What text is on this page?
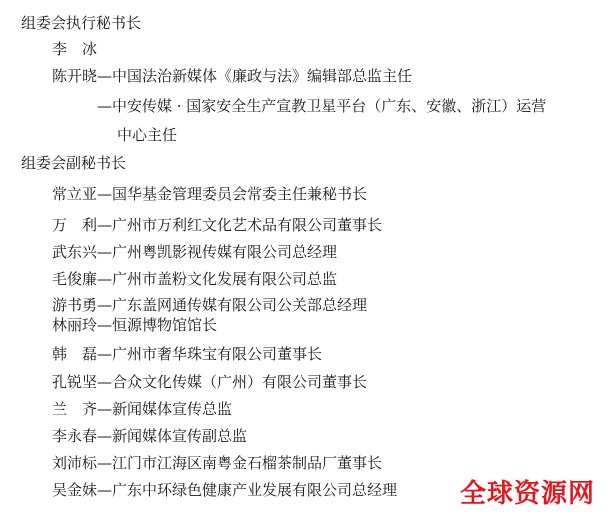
组委会执行秘书长
李　冰
陈开晓—中国法治新媒体《廉政与法》编辑部总监主任
—中安传媒 · 国家安全生产宣教卫星平台（广东、安徽、浙江）运营
中心主任
组委会副秘书长
常立亚—国华基金管理委员会常委主任兼秘书长
万　利—广州市万利红文化艺术品有限公司董事长
武东兴—广州粤凯影视传媒有限公司总经理
毛俊廉—广州市盖粉文化发展有限公司总监
游书勇—广东盖网通传媒有限公司公关部总经理
林丽玲—恒源博物馆馆长
韩　磊—广州市奢华珠宝有限公司董事长
孔锐坚—合众文化传媒（广州）有限公司董事长
兰　齐—新闻媒体宣传总监
李永春—新闻媒体宣传副总监
刘沛标—江门市江海区南粤金石榴茶制品厂董事长
吴金妹—广东中环绿色健康产业发展有限公司总经理 全球资源网
